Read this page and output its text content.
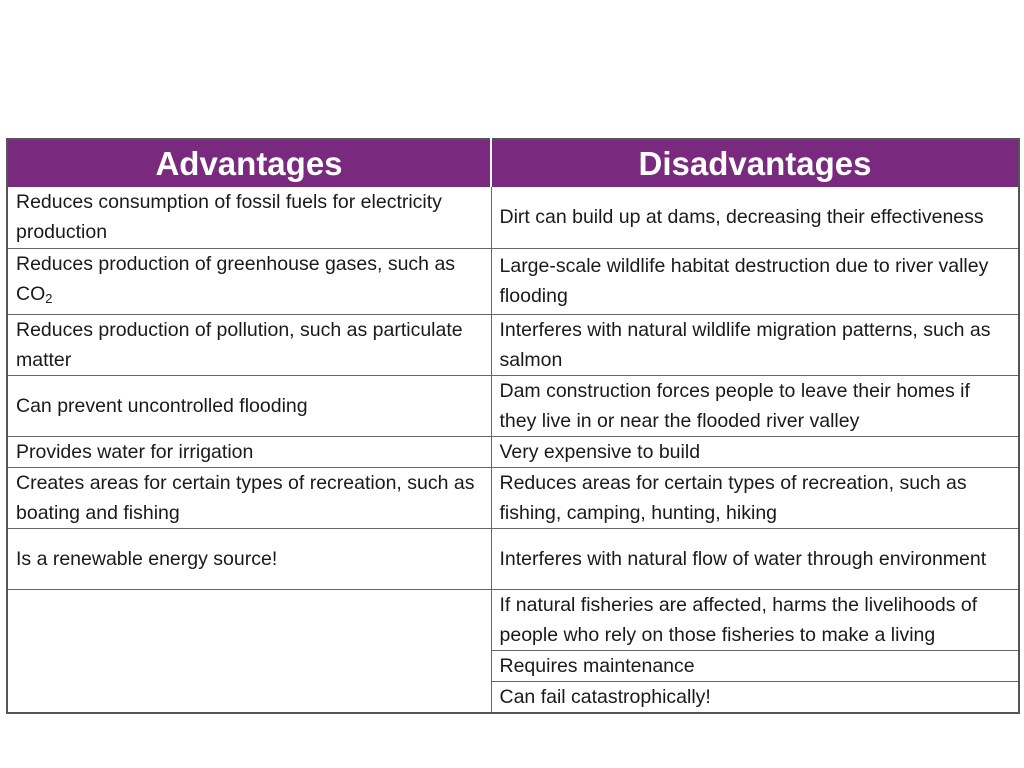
Advantages	Disadvantages
Reduces consumption of fossil fuels for electricity production	Dirt can build up at dams, decreasing their effectiveness
Reduces production of greenhouse gases, such as $CO_2$	Large-scale wildlife habitat destruction due to river valley flooding
Reduces production of pollution, such as particulate matter	Interferes with natural wildlife migration patterns, such as salmon
Can prevent uncontrolled flooding	Dam construction forces people to leave their homes if they live in or near the flooded river valley
Provides water for irrigation	Very expensive to build
Creates areas for certain types of recreation, such as boating and fishing	Reduces areas for certain types of recreation, such as fishing, camping, hunting, hiking
Is a renewable energy source!	Interferes with natural flow of water through environment
	If natural fisheries are affected, harms the livelihoods of people who rely on those fisheries to make a living
	Requires maintenance
	Can fail catastrophically!
